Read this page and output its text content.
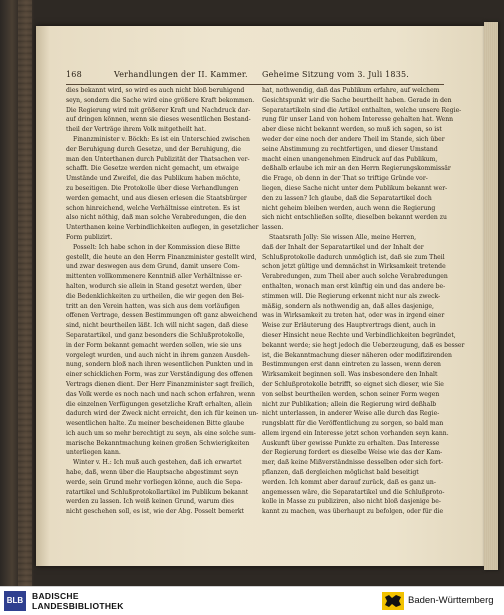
168	Verhandlungen der II. Kammer. Geheime Sitzung vom 3. Juli 1835.
dies bekannt wird, so wird es auch nicht bloß beruhigend
seyn, sondern die Sache wird eine größere Kraft bekommen.
Die Regierung wird mit größerer Kraft und Nachdruck dar-
auf dringen können, wenn sie dieses wesentlichen Bestand-
theil der Verträge ihrem Volk mitgetheilt hat.
Finanzminister v. Böckh: Es ist ein Unterschied zwischen
der Beruhigung durch Gesetze, und der Beruhigung, die
man den Unterthanen durch Publizität der Thatsachen ver-
schafft. Die Gesetze werden nicht gemacht, um etwaige
Umstände und Zweifel, die das Publikum haben möchte,
zu beseitigen. Die Protokolle über diese Verhandlungen
werden gemacht, und aus diesen erlesen die Staatsbürger
schon hinreichend, welche Verhältnisse eintreten. Es ist
also nicht nöthig, daß man solche Verabredungen, die den
Unterthanen keine Verbindlichkeiten auflegen, in gesetzlicher
Form publizirt.
Posselt: Ich habe schon in der Kommission diese Bitte
gestellt, die heute an den Herrn Finanzminister gestellt wird,
und zwar deswegen aus dem Grund, damit unsere Com-
mittenten vollkommenere Kenntniß aller Verhältnisse er-
halten, wodurch sie allein in Stand gesetzt werden, über
die Bedenklichkeiten zu urtheilen, die wir gegen den Bei-
tritt an den Verein hatten, was sich aus dem vorläufigen
offenen Vertrage, dessen Bestimmungen oft ganz abweichend
sind, nicht beurtheilen läßt. Ich will nicht sagen, daß diese
Separatartikel, und ganz besonders die Schlußprotokolle,
in der Form bekannt gemacht werden sollen, wie sie uns
vorgelegt wurden, und auch nicht in ihrem ganzen Ausdeh-
nung, sondern bloß nach ihren wesentlichen Punkten und in
einer schicklichen Form, was zur Verständigung des offenen
Vertrags dienen dient. Der Herr Finanzminister sagt freilich,
das Volk werde es noch nach und nach schon erfahren, wenn
die einzelnen Verfügungen gesetzliche Kraft erhalten, allein
dadurch wird der Zweck nicht erreicht, den ich für keinen un-
wesentlichen halte. Zu meiner bescheidenen Bitte glaube
ich auch um so mehr berechtigt zu seyn, als eine solche sum-
marische Bekanntmachung keinen großen Schwierigkeiten
unterliegen kann.
Winter v. H.: Ich muß auch gestehen, daß ich erwartet
habe, daß, wenn über die Hauptsache abgestimmt seyn
werde, sein Grund mehr vorliegen könne, auch die Sepa-
ratartikel und Schlußprotokollartikel im Publikum bekannt
werden zu lassen. Ich weiß keinen Grund, warum dies
nicht geschehen soll, es ist, wie der Abg. Posselt bemerkt
hat, nothwendig, daß das Publikum erfahre, auf welchem
Gesichtspunkt wir die Sache beurtheilt haben. Gerade in den
Separatartikeln sind die Artikel enthalten, welche unsere Regie-
rung für unser Land von hohem Interesse gehalten hat. Wenn
aber diese nicht bekannt werden, so muß ich sagen, so ist
weder der eine noch der andere Theil im Stande, sich über
seine Abstimmung zu rechtfertigen, und dieser Umstand
macht einen unangenehmen Eindruck auf das Publikum,
deßhalb erlaube ich mir an den Herrn Regierungskommissär
die Frage, ob denn in der That so triftige Gründe vor-
liegen, diese Sache nicht unter dem Publikum bekannt wer-
den zu lassen? Ich glaube, daß die Separatartikel doch
nicht geheim bleiben werden, auch wenn die Regierung
sich nicht entschließen sollte, dieselben bekannt werden zu
lassen.
Staatsrath Jolly: Sie wissen Alle, meine Herren,
daß der Inhalt der Separatartikel und der Inhalt der
Schlußprotokolle dadurch unmöglich ist, daß sie zum Theil
schon jetzt gültige und demnächst in Wirksamkeit tretende
Verabredungen, zum Theil aber auch solche Verabredungen
enthalten, wonach man erst künftig ein und das andere be-
stimmen will. Die Regierung erkennt nicht nur als zweck-
mäßig, sondern als nothwendig an, daß alles dasjenige,
was in Wirksamkeit zu treten hat, oder was in irgend einer
Weise zur Erläuterung des Hauptvertrags dient, auch in
dieser Hinsicht neue Rechte und Verbindlichkeiten begründet,
bekannt werde; sie hegt jedoch die Ueberzeugung, daß es besser
ist, die Bekanntmachung dieser näheren oder modifizirenden
Bestimmungen erst dann eintreten zu lassen, wenn deren
Wirksamkeit beginnen soll. Was insbesondere den Inhalt
der Schlußprotokolle betrifft, so eignet sich dieser, wie Sie
von selbst beurtheilen werden, schon seiner Form wegen
nicht zur Publikation; allein die Regierung wird deßhalb
nicht unterlassen, in anderer Weise alle durch das Regie-
rungsblatt für die Veröffentlichung zu sorgen, so bald man
allem irgend ein Interesse jetzt schon vorhanden seyn kann.
Auskunft über gewisse Punkte zu erhalten. Das Interesse
der Regierung fordert es dieselbe Weise wie das der Kam-
mer, daß keine Mißverständnisse desselben oder sich fort-
pflanzen, daß dergleichen möglichst bald beseitigt
werden. Ich kommt aber darauf zurück, daß es ganz un-
angemessen wäre, die Separatartikel und die Schlußproto-
kolle in Masse zu publiziren, also nicht bloß dasjenige be-
kannt zu machen, was überhaupt zu befolgen, oder für die
BLB	BADISCHE
LANDESBIBLIOTHEK	Baden-Württemberg
